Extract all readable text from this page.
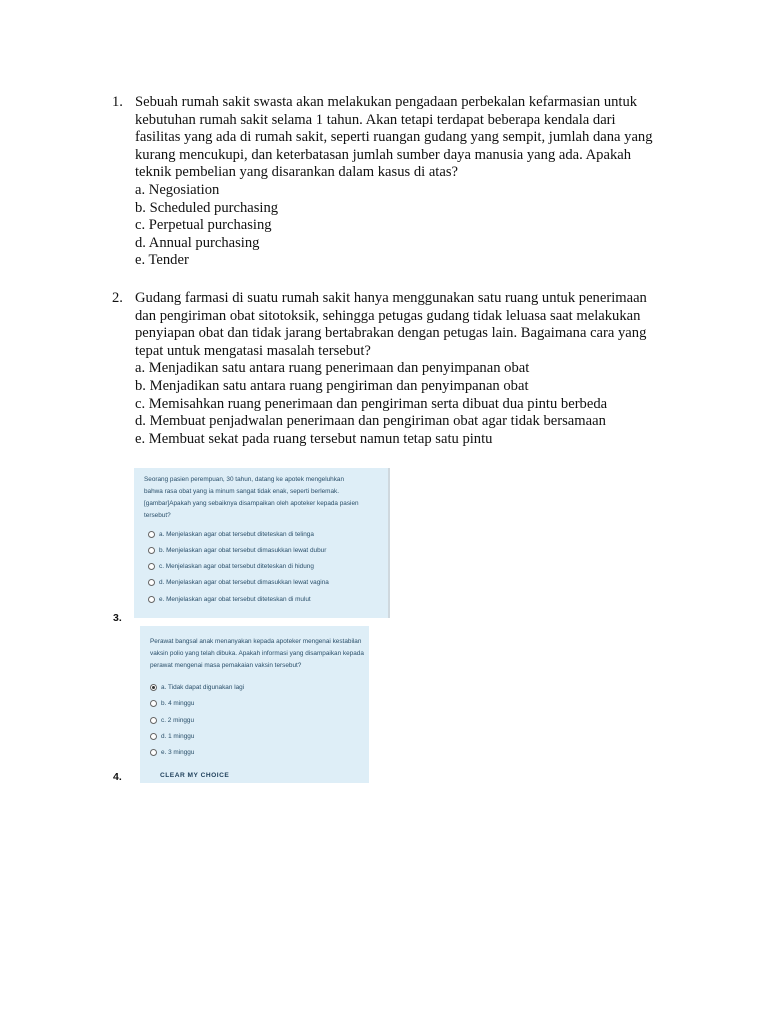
1. Sebuah rumah sakit swasta akan melakukan pengadaan perbekalan kefarmasian untuk
kebutuhan rumah sakit selama 1 tahun. Akan tetapi terdapat beberapa kendala dari
fasilitas yang ada di rumah sakit, seperti ruangan gudang yang sempit, jumlah dana yang
kurang mencukupi, dan keterbatasan jumlah sumber daya manusia yang ada. Apakah
teknik pembelian yang disarankan dalam kasus di atas?
a. Negosiation
b. Scheduled purchasing
c. Perpetual purchasing
d. Annual purchasing
e. Tender
2. Gudang farmasi di suatu rumah sakit hanya menggunakan satu ruang untuk penerimaan
dan pengiriman obat sitotoksik, sehingga petugas gudang tidak leluasa saat melakukan
penyiapan obat dan tidak jarang bertabrakan dengan petugas lain. Bagaimana cara yang
tepat untuk mengatasi masalah tersebut?
a. Menjadikan satu antara ruang penerimaan dan penyimpanan obat
b. Menjadikan satu antara ruang pengiriman dan penyimpanan obat
c. Memisahkan ruang penerimaan dan pengiriman serta dibuat dua pintu berbeda
d. Membuat penjadwalan penerimaan dan pengiriman obat agar tidak bersamaan
e. Membuat sekat pada ruang tersebut namun tetap satu pintu
Seorang pasien perempuan, 30 tahun, datang ke apotek mengeluhkan
bahwa rasa obat yang ia minum sangat tidak enak, seperti berlemak.
[gambar]Apakah yang sebaiknya disampaikan oleh apoteker kepada pasien
tersebut?
a. Menjelaskan agar obat tersebut diteteskan di telinga
b. Menjelaskan agar obat tersebut dimasukkan lewat dubur
c. Menjelaskan agar obat tersebut diteteskan di hidung
d. Menjelaskan agar obat tersebut dimasukkan lewat vagina
e. Menjelaskan agar obat tersebut diteteskan di mulut
3.
Perawat bangsal anak menanyakan kepada apoteker mengenai kestabilan
vaksin polio yang telah dibuka. Apakah informasi yang disampaikan kepada
perawat mengenai masa pemakaian vaksin tersebut?
a. Tidak dapat digunakan lagi
b. 4 minggu
c. 2 minggu
d. 1 minggu
e. 3 minggu
CLEAR MY CHOICE
4.
